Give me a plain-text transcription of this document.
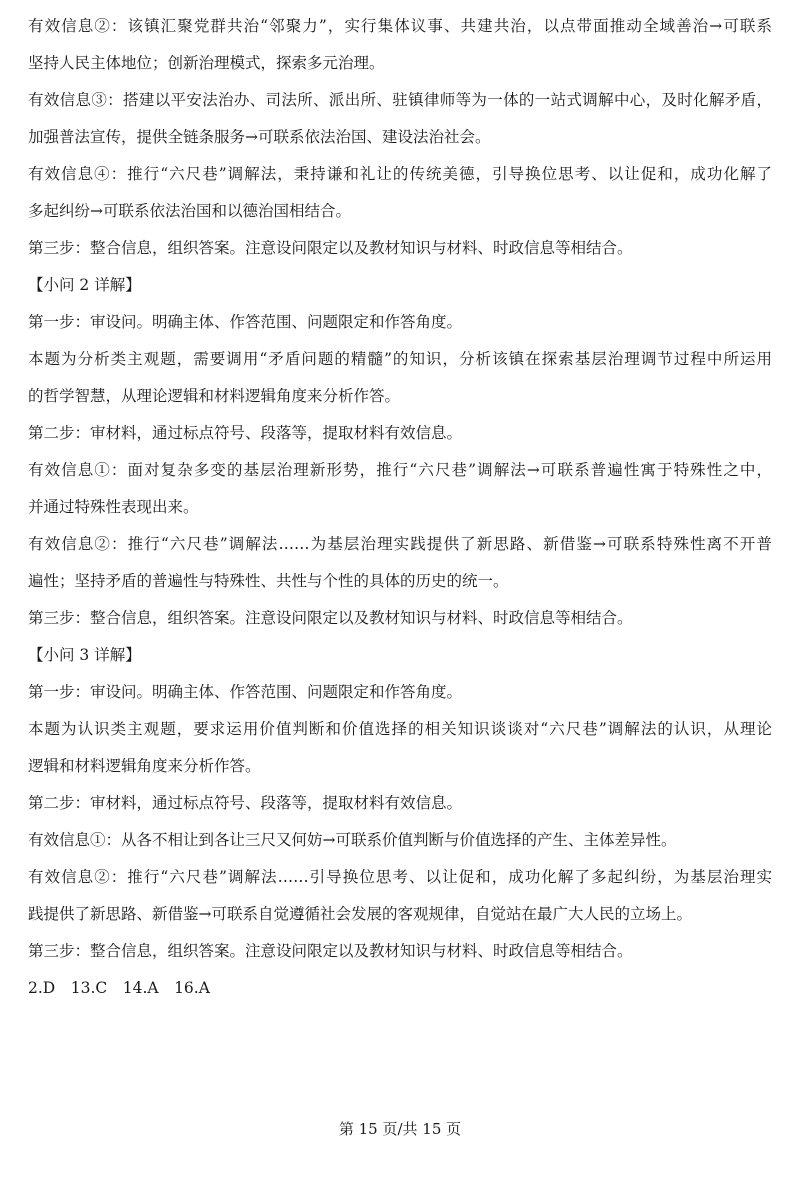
有效信息②：该镇汇聚党群共治“邻聚力”，实行集体议事、共建共治，以点带面推动全域善治→可联系
坚持人民主体地位；创新治理模式，探索多元治理。
有效信息③：搭建以平安法治办、司法所、派出所、驻镇律师等为一体的一站式调解中心，及时化解矛盾，
加强普法宣传，提供全链条服务→可联系依法治国、建设法治社会。
有效信息④：推行“六尺巷”调解法，秉持谦和礼让的传统美德，引导换位思考、以让促和，成功化解了
多起纠纷→可联系依法治国和以德治国相结合。
第三步：整合信息，组织答案。注意设问限定以及教材知识与材料、时政信息等相结合。
【小问 2 详解】
第一步：审设问。明确主体、作答范围、问题限定和作答角度。
本题为分析类主观题，需要调用“矛盾问题的精髓”的知识，分析该镇在探索基层治理调节过程中所运用
的哲学智慧，从理论逻辑和材料逻辑角度来分析作答。
第二步：审材料，通过标点符号、段落等，提取材料有效信息。
有效信息①：面对复杂多变的基层治理新形势，推行“六尺巷”调解法→可联系普遍性寓于特殊性之中，
并通过特殊性表现出来。
有效信息②：推行“六尺巷”调解法……为基层治理实践提供了新思路、新借鉴→可联系特殊性离不开普
遍性；坚持矛盾的普遍性与特殊性、共性与个性的具体的历史的统一。
第三步：整合信息，组织答案。注意设问限定以及教材知识与材料、时政信息等相结合。
【小问 3 详解】
第一步：审设问。明确主体、作答范围、问题限定和作答角度。
本题为认识类主观题，要求运用价值判断和价值选择的相关知识谈谈对“六尺巷”调解法的认识，从理论
逻辑和材料逻辑角度来分析作答。
第二步：审材料，通过标点符号、段落等，提取材料有效信息。
有效信息①：从各不相让到各让三尺又何妨→可联系价值判断与价值选择的产生、主体差异性。
有效信息②：推行“六尺巷”调解法……引导换位思考、以让促和，成功化解了多起纠纷，为基层治理实
践提供了新思路、新借鉴→可联系自觉遵循社会发展的客观规律，自觉站在最广大人民的立场上。
第三步：整合信息，组织答案。注意设问限定以及教材知识与材料、时政信息等相结合。
2.D　13.C　14.A　16.A
第 15 页/共 15 页
